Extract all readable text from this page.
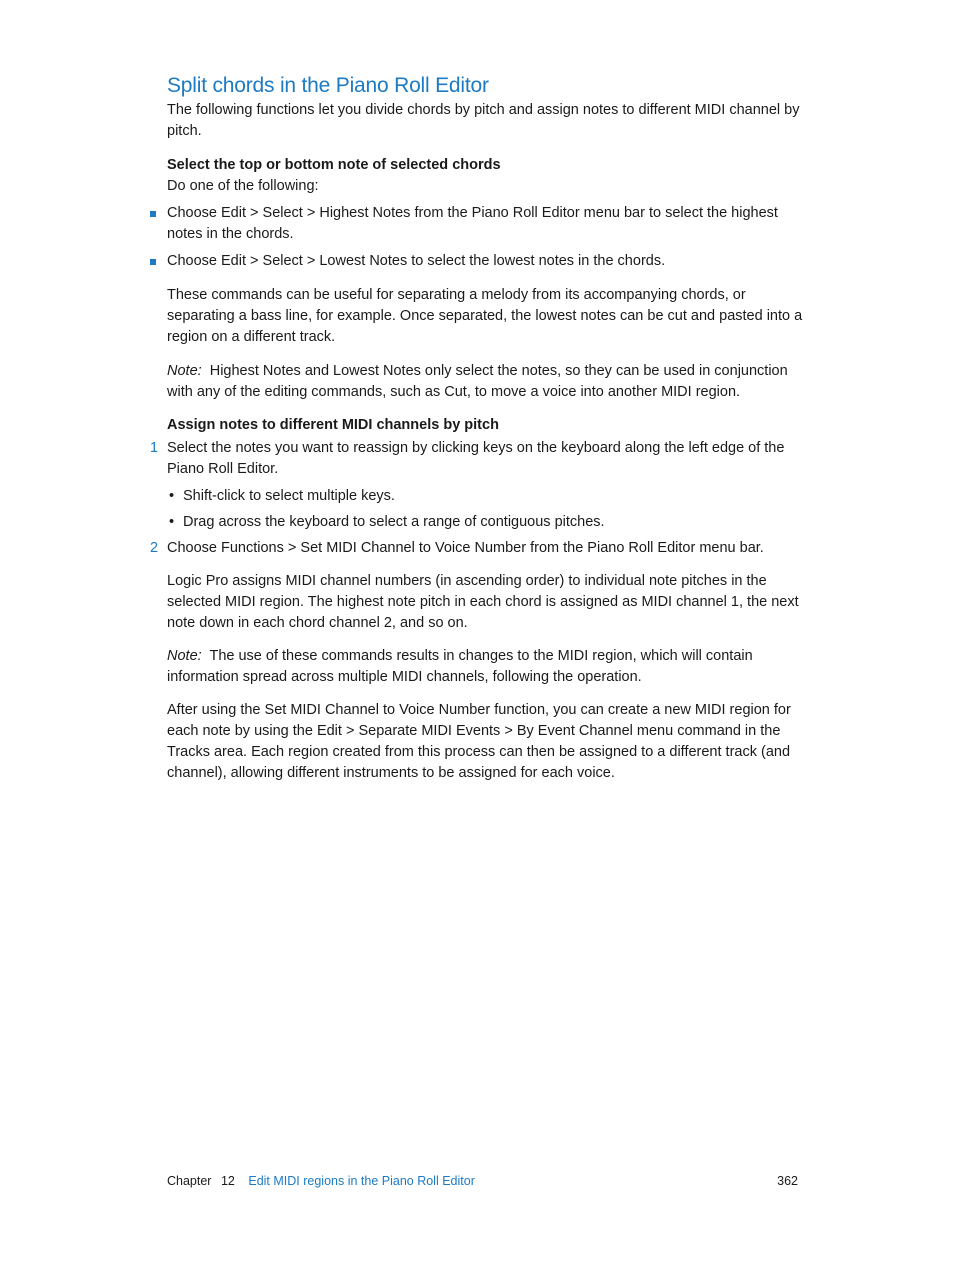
Split chords in the Piano Roll Editor

The following functions let you divide chords by pitch and assign notes to different MIDI channel by pitch.

Select the top or bottom note of selected chords

Do one of the following:

Choose Edit > Select > Highest Notes from the Piano Roll Editor menu bar to select the highest notes in the chords.
Choose Edit > Select > Lowest Notes to select the lowest notes in the chords.

These commands can be useful for separating a melody from its accompanying chords, or separating a bass line, for example. Once separated, the lowest notes can be cut and pasted into a region on a different track.

Note: Highest Notes and Lowest Notes only select the notes, so they can be used in conjunction with any of the editing commands, such as Cut, to move a voice into another MIDI region.

Assign notes to different MIDI channels by pitch
1 Select the notes you want to reassign by clicking keys on the keyboard along the left edge of the Piano Roll Editor.
• Shift-click to select multiple keys.
• Drag across the keyboard to select a range of contiguous pitches.
2 Choose Functions > Set MIDI Channel to Voice Number from the Piano Roll Editor menu bar.

Logic Pro assigns MIDI channel numbers (in ascending order) to individual note pitches in the selected MIDI region. The highest note pitch in each chord is assigned as MIDI channel 1, the next note down in each chord channel 2, and so on.

Note: The use of these commands results in changes to the MIDI region, which will contain information spread across multiple MIDI channels, following the operation.

After using the Set MIDI Channel to Voice Number function, you can create a new MIDI region for each note by using the Edit > Separate MIDI Events > By Event Channel menu command in the Tracks area. Each region created from this process can then be assigned to a different track (and channel), allowing different instruments to be assigned for each voice.

Chapter 12 Edit MIDI regions in the Piano Roll Editor	362
